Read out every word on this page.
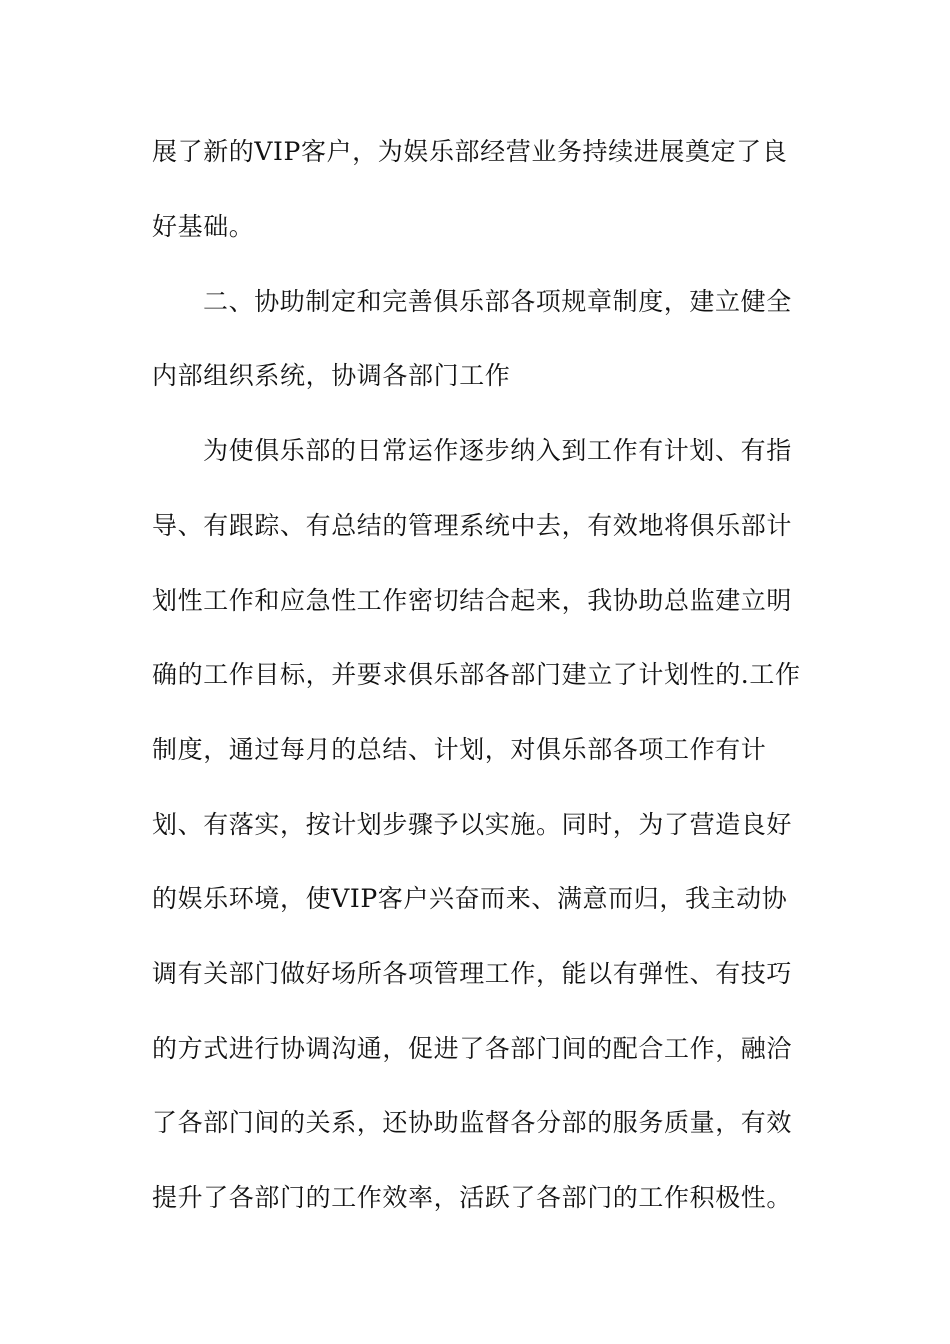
展了新的VIP客户，为娱乐部经营业务持续进展奠定了良
好基础。
二、协助制定和完善俱乐部各项规章制度，建立健全
内部组织系统，协调各部门工作
为使俱乐部的日常运作逐步纳入到工作有计划、有指
导、有跟踪、有总结的管理系统中去，有效地将俱乐部计
划性工作和应急性工作密切结合起来，我协助总监建立明
确的工作目标，并要求俱乐部各部门建立了计划性的.工作
制度，通过每月的总结、计划，对俱乐部各项工作有计
划、有落实，按计划步骤予以实施。同时，为了营造良好
的娱乐环境，使VIP客户兴奋而来、满意而归，我主动协
调有关部门做好场所各项管理工作，能以有弹性、有技巧
的方式进行协调沟通，促进了各部门间的配合工作，融洽
了各部门间的关系，还协助监督各分部的服务质量，有效
提升了各部门的工作效率，活跃了各部门的工作积极性。
